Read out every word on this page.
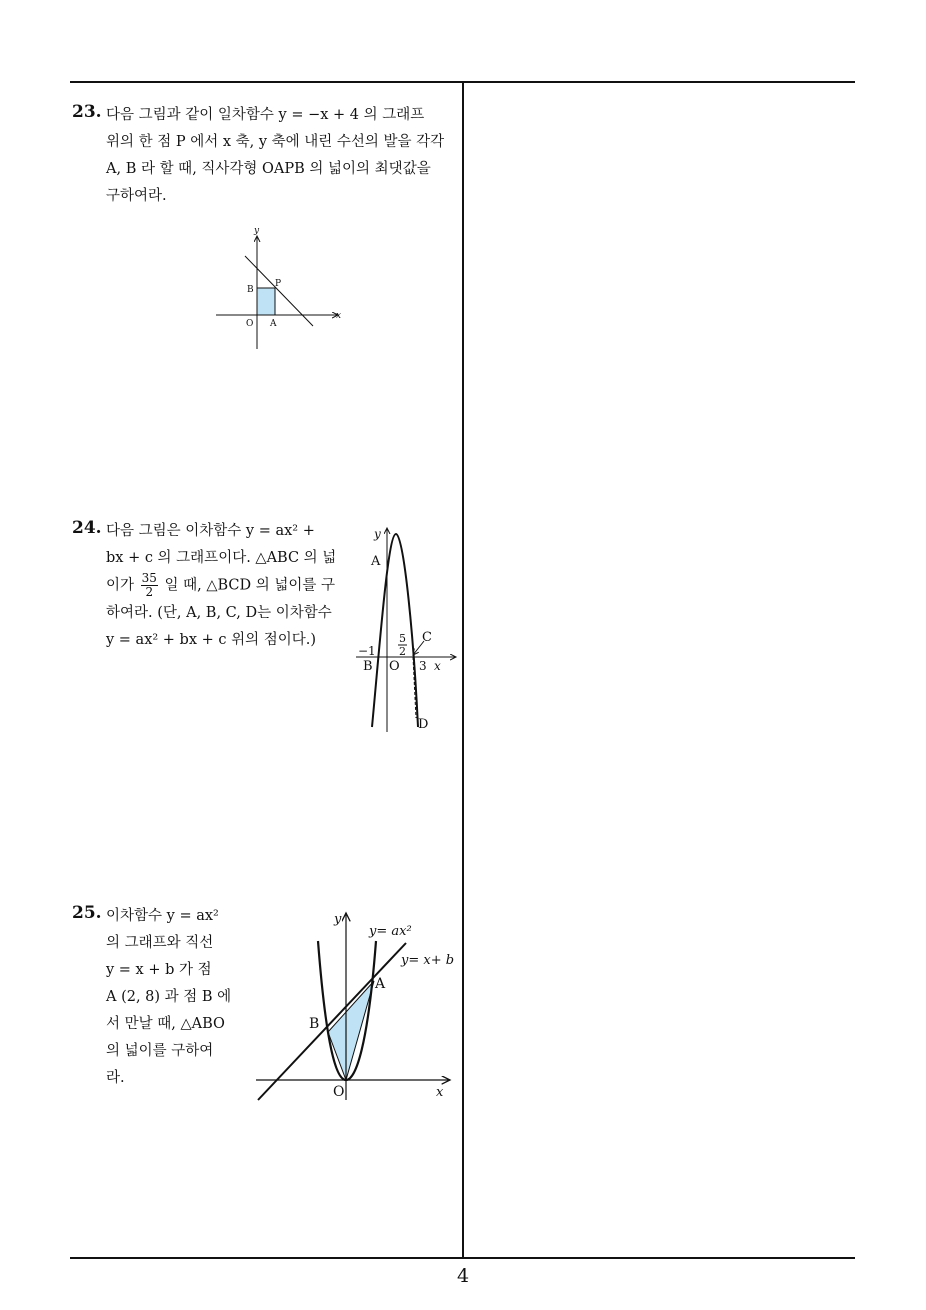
23. 다음 그림과 같이 일차함수 y = −x + 4 의 그래프
위의 한 점 P 에서 x 축, y 축에 내린 수선의 발을 각각
A, B 라 할 때, 직사각형 OAPB 의 넓이의 최댓값을
구하여라.
y
x
B
P
O A
24. 다음 그림은 이차함수 y = ax² +
bx + c 의 그래프이다. △ABC 의 넓
이가 $\frac{35}{2}$ 일 때, △BCD 의 넓이를 구
하여라. (단, A, B, C, D는 이차함수
y = ax² + bx + c 위의 점이다.)
y
A
C
5
2
−1
B O 3 x
D
25. 이차함수 y = ax²
의 그래프와 직선
y = x + b 가 점
A (2, 8) 과 점 B 에
서 만날 때, △ABO
의 넓이를 구하여
라.
y
y= ax²
y= x+ b
A
B
O	x
4
